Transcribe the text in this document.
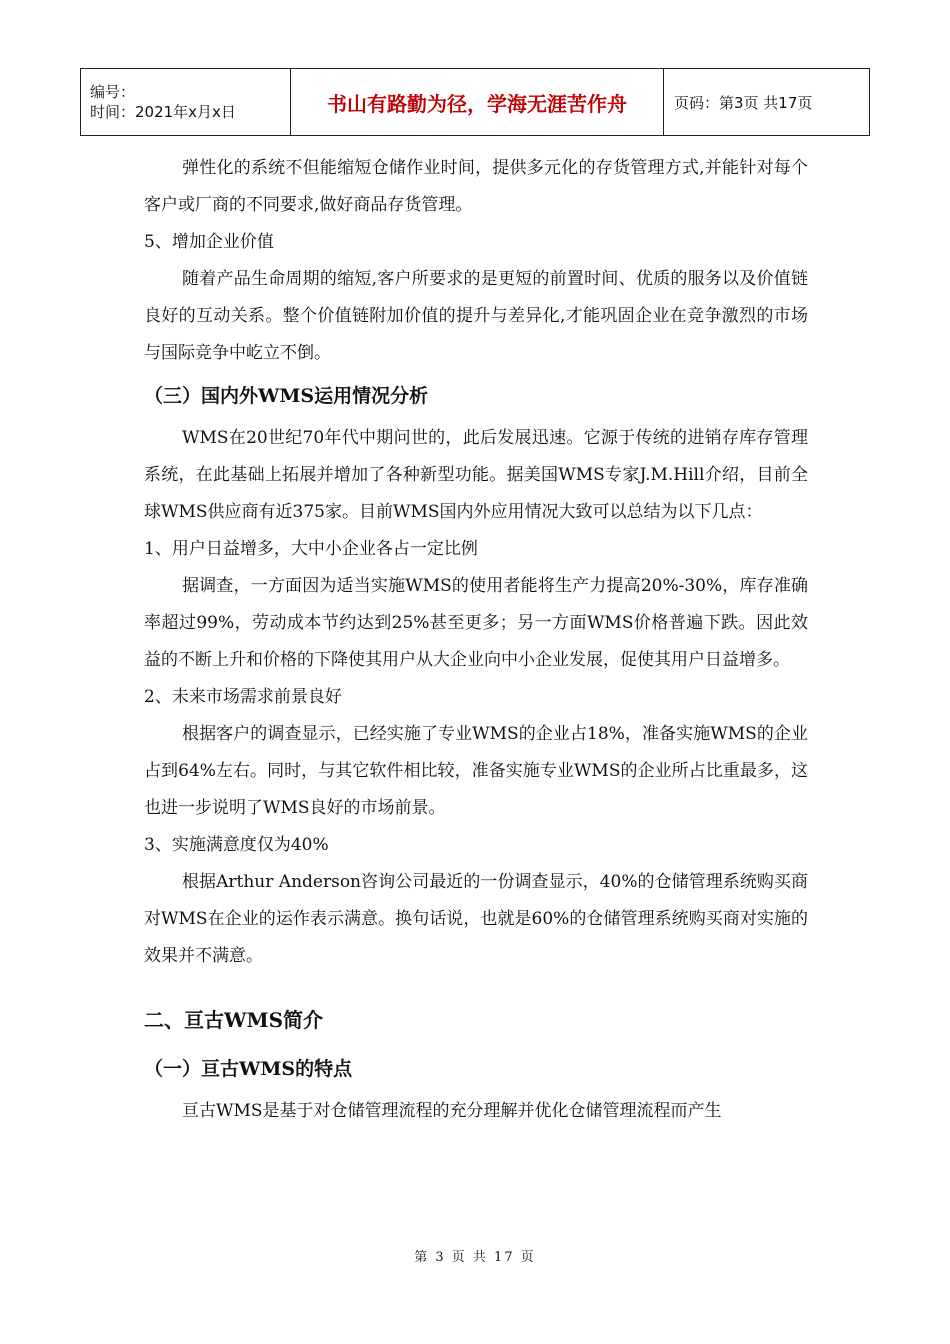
编号：
时间：2021年x月x日	书山有路勤为径，学海无涯苦作舟	页码：第3页 共17页

弹性化的系统不但能缩短仓储作业时间，提供多元化的存货管理方式,并能针对每个客户或厂商的不同要求,做好商品存货管理。

5、增加企业价值

随着产品生命周期的缩短,客户所要求的是更短的前置时间、优质的服务以及价值链良好的互动关系。整个价值链附加价值的提升与差异化,才能巩固企业在竞争激烈的市场与国际竞争中屹立不倒。

（三）国内外WMS运用情况分析

WMS在20世纪70年代中期问世的，此后发展迅速。它源于传统的进销存库存管理系统，在此基础上拓展并增加了各种新型功能。据美国WMS专家J.M.Hill介绍，目前全球WMS供应商有近375家。目前WMS国内外应用情况大致可以总结为以下几点：

1、用户日益增多，大中小企业各占一定比例

据调查，一方面因为适当实施WMS的使用者能将生产力提高20%-30%，库存准确率超过99%，劳动成本节约达到25%甚至更多；另一方面WMS价格普遍下跌。因此效益的不断上升和价格的下降使其用户从大企业向中小企业发展，促使其用户日益增多。

2、未来市场需求前景良好

根据客户的调查显示，已经实施了专业WMS的企业占18%，准备实施WMS的企业占到64%左右。同时，与其它软件相比较，准备实施专业WMS的企业所占比重最多，这也进一步说明了WMS良好的市场前景。

3、实施满意度仅为40%

根据Arthur Anderson咨询公司最近的一份调查显示，40%的仓储管理系统购买商对WMS在企业的运作表示满意。换句话说，也就是60%的仓储管理系统购买商对实施的效果并不满意。

二、亘古WMS简介
（一）亘古WMS的特点

亘古WMS是基于对仓储管理流程的充分理解并优化仓储管理流程而产生

第 3 页 共 17 页
